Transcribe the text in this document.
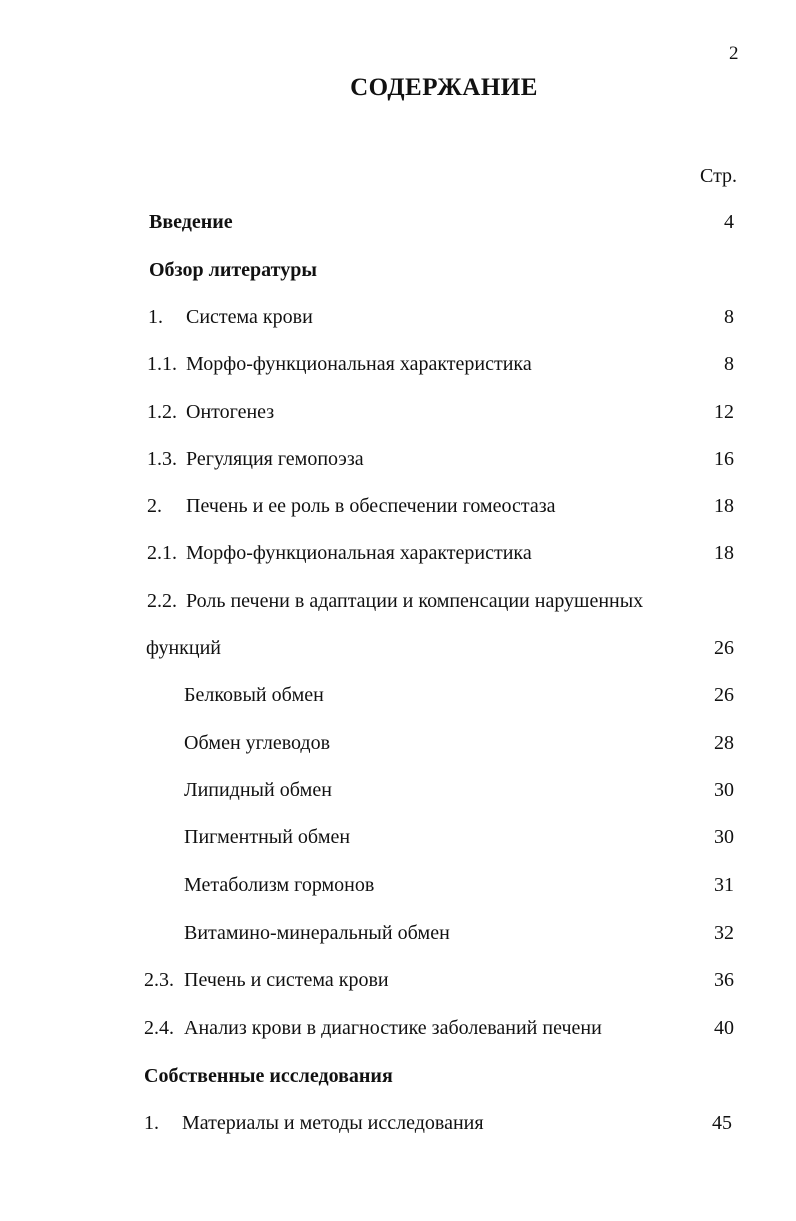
2
СОДЕРЖАНИЕ
Стр.
Введение	4
Обзор литературы
1. Система крови	8
1.1. Морфо-функциональная характеристика	8
1.2. Онтогенез	12
1.3. Регуляция гемопоэза	16
2. Печень и ее роль в обеспечении гомеостаза	18
2.1. Морфо-функциональная характеристика	18
2.2. Роль печени в адаптации и компенсации нарушенных
функций	26
Белковый обмен	26
Обмен углеводов	28
Липидный обмен	30
Пигментный обмен	30
Метаболизм гормонов	31
Витамино-минеральный обмен	32
2.3. Печень и система крови	36
2.4. Анализ крови в диагностике заболеваний печени	40
Собственные исследования
1. Материалы и методы исследования	45
